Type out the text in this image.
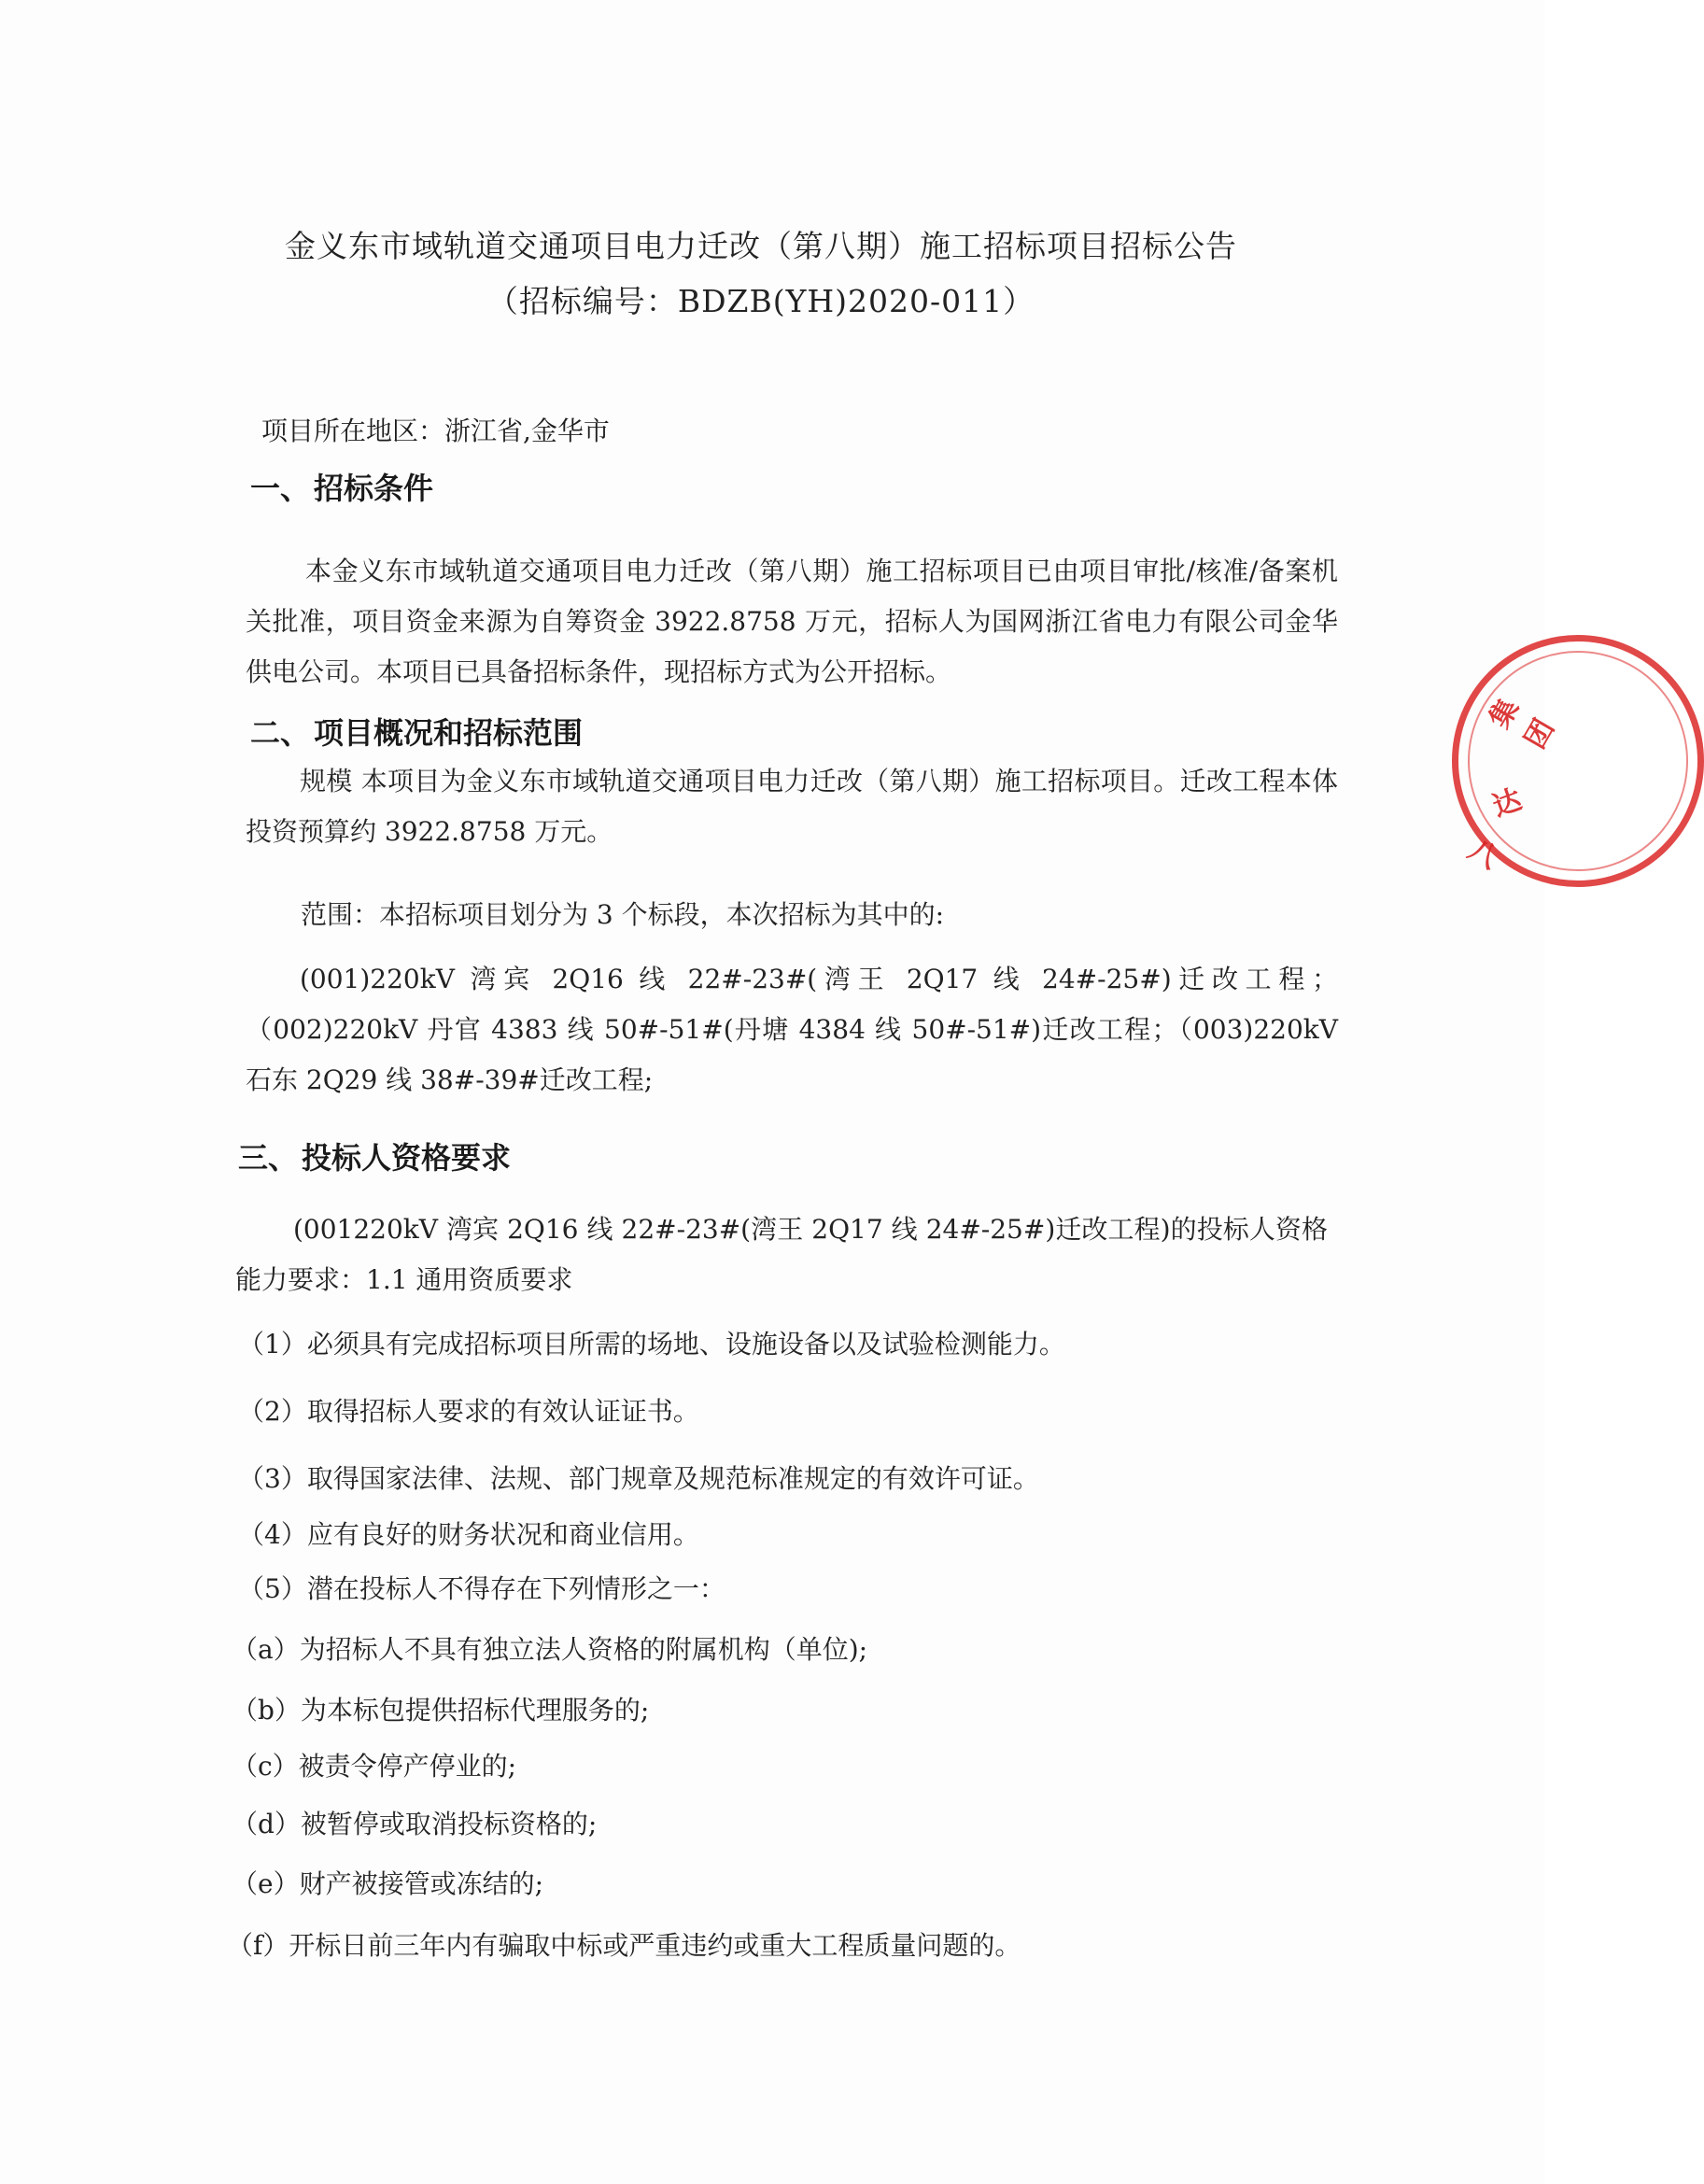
金义东市域轨道交通项目电力迁改（第八期）施工招标项目招标公告
（招标编号：BDZB(YH)2020-011）
项目所在地区：浙江省,金华市
一、 招标条件
本金义东市域轨道交通项目电力迁改（第八期）施工招标项目已由项目审批/核准/备案机关批准，项目资金来源为自筹资金 3922.8758 万元，招标人为国网浙江省电力有限公司金华供电公司。本项目已具备招标条件，现招标方式为公开招标。
二、 项目概况和招标范围
规模 本项目为金义东市域轨道交通项目电力迁改（第八期）施工招标项目。迁改工程本体投资预算约 3922.8758 万元。
范围：本招标项目划分为 3 个标段，本次招标为其中的:
(001)220kV 湾宾 2Q16 线 22#-23#(湾王 2Q17 线 24#-25#)迁改工程；（002)220kV 丹官 4383 线 50#-51#(丹塘 4384 线 50#-51#)迁改工程；（003)220kV 石东 2Q29 线 38#-39#迁改工程;
三、 投标人资格要求
(001220kV 湾宾 2Q16 线 22#-23#(湾王 2Q17 线 24#-25#)迁改工程)的投标人资格能力要求：1.1 通用资质要求
（1）必须具有完成招标项目所需的场地、设施设备以及试验检测能力。
（2）取得招标人要求的有效认证证书。
（3）取得国家法律、法规、部门规章及规范标准规定的有效许可证。
（4）应有良好的财务状况和商业信用。
（5）潜在投标人不得存在下列情形之一：
（a）为招标人不具有独立法人资格的附属机构（单位);
（b）为本标包提供招标代理服务的;
（c）被责令停产停业的;
（d）被暂停或取消投标资格的;
（e）财产被接管或冻结的;
（f）开标日前三年内有骗取中标或严重违约或重大工程质量问题的。
集团
达
八
